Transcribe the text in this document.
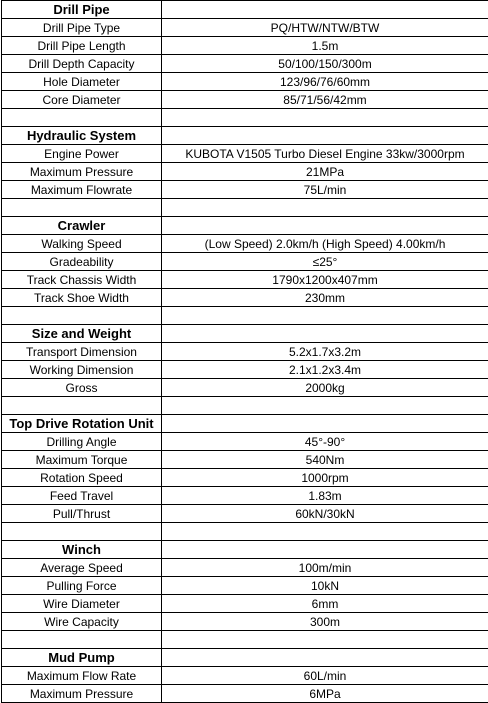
Drill Pipe	
Drill Pipe Type	PQ/HTW/NTW/BTW
Drill Pipe Length	1.5m
Drill Depth Capacity	50/100/150/300m
Hole Diameter	123/96/76/60mm
Core Diameter	85/71/56/42mm

Hydraulic System	
Engine Power	KUBOTA V1505 Turbo Diesel Engine 33kw/3000rpm
Maximum Pressure	21MPa
Maximum Flowrate	75L/min

Crawler	
Walking Speed	(Low Speed) 2.0km/h (High Speed) 4.00km/h
Gradeability	≤25°
Track Chassis Width	1790x1200x407mm
Track Shoe Width	230mm

Size and Weight	
Transport Dimension	5.2x1.7x3.2m
Working Dimension	2.1x1.2x3.4m
Gross	2000kg

Top Drive Rotation Unit	
Drilling Angle	45°-90°
Maximum Torque	540Nm
Rotation Speed	1000rpm
Feed Travel	1.83m
Pull/Thrust	60kN/30kN

Winch	
Average Speed	100m/min
Pulling Force	10kN
Wire Diameter	6mm
Wire Capacity	300m

Mud Pump	
Maximum Flow Rate	60L/min
Maximum Pressure	6MPa
